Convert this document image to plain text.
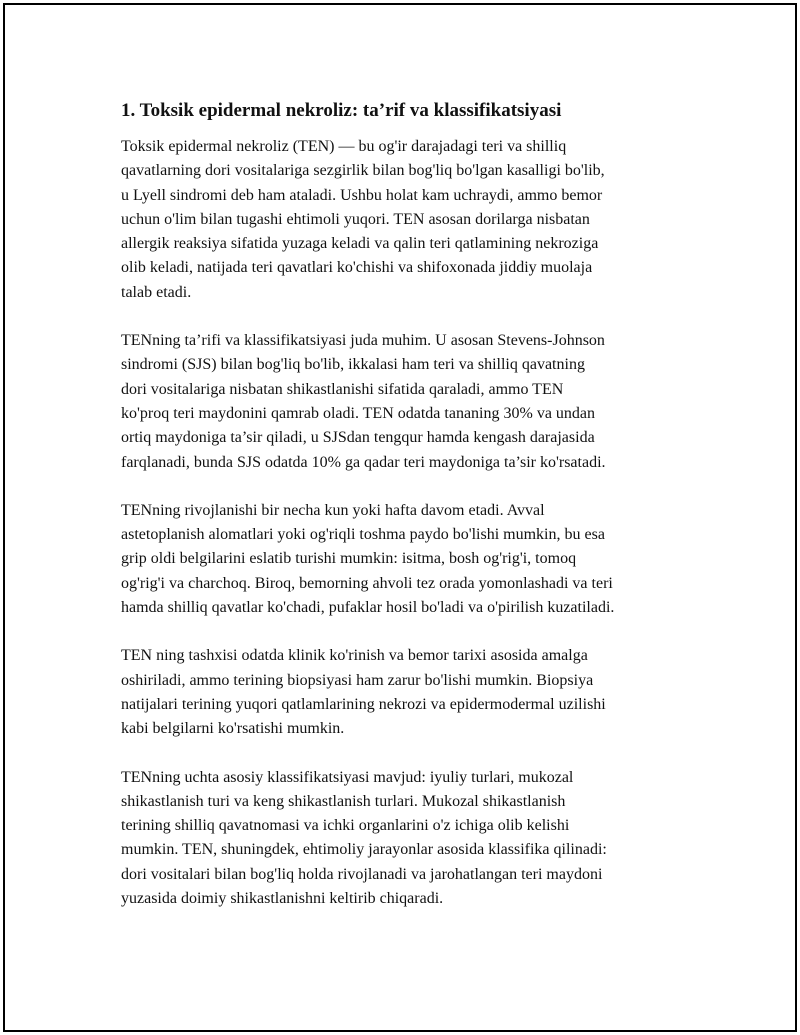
1. Toksik epidermal nekroliz: ta’rif va klassifikatsiyasi

Toksik epidermal nekroliz (TEN) — bu og'ir darajadagi teri va shilliq
qavatlarning dori vositalariga sezgirlik bilan bog'liq bo'lgan kasalligi bo'lib,
u Lyell sindromi deb ham ataladi. Ushbu holat kam uchraydi, ammo bemor
uchun o'lim bilan tugashi ehtimoli yuqori. TEN asosan dorilarga nisbatan
allergik reaksiya sifatida yuzaga keladi va qalin teri qatlamining nekroziga
olib keladi, natijada teri qavatlari ko'chishi va shifoxonada jiddiy muolaja
talab etadi.

TENning ta’rifi va klassifikatsiyasi juda muhim. U asosan Stevens-Johnson
sindromi (SJS) bilan bog'liq bo'lib, ikkalasi ham teri va shilliq qavatning
dori vositalariga nisbatan shikastlanishi sifatida qaraladi, ammo TEN
ko'proq teri maydonini qamrab oladi. TEN odatda tananing 30% va undan
ortiq maydoniga ta’sir qiladi, u SJSdan tengqur hamda kengash darajasida
farqlanadi, bunda SJS odatda 10% ga qadar teri maydoniga ta’sir ko'rsatadi.

TENning rivojlanishi bir necha kun yoki hafta davom etadi. Avval
astetoplanish alomatlari yoki og'riqli toshma paydo bo'lishi mumkin, bu esa
grip oldi belgilarini eslatib turishi mumkin: isitma, bosh og'rig'i, tomoq
og'rig'i va charchoq. Biroq, bemorning ahvoli tez orada yomonlashadi va teri
hamda shilliq qavatlar ko'chadi, pufaklar hosil bo'ladi va o'pirilish kuzatiladi.

TEN ning tashxisi odatda klinik ko'rinish va bemor tarixi asosida amalga
oshiriladi, ammo terining biopsiyasi ham zarur bo'lishi mumkin. Biopsiya
natijalari terining yuqori qatlamlarining nekrozi va epidermodermal uzilishi
kabi belgilarni ko'rsatishi mumkin.

TENning uchta asosiy klassifikatsiyasi mavjud: iyuliy turlari, mukozal
shikastlanish turi va keng shikastlanish turlari. Mukozal shikastlanish
terining shilliq qavatnomasi va ichki organlarini o'z ichiga olib kelishi
mumkin. TEN, shuningdek, ehtimoliy jarayonlar asosida klassifika qilinadi:
dori vositalari bilan bog'liq holda rivojlanadi va jarohatlangan teri maydoni
yuzasida doimiy shikastlanishni keltirib chiqaradi.
